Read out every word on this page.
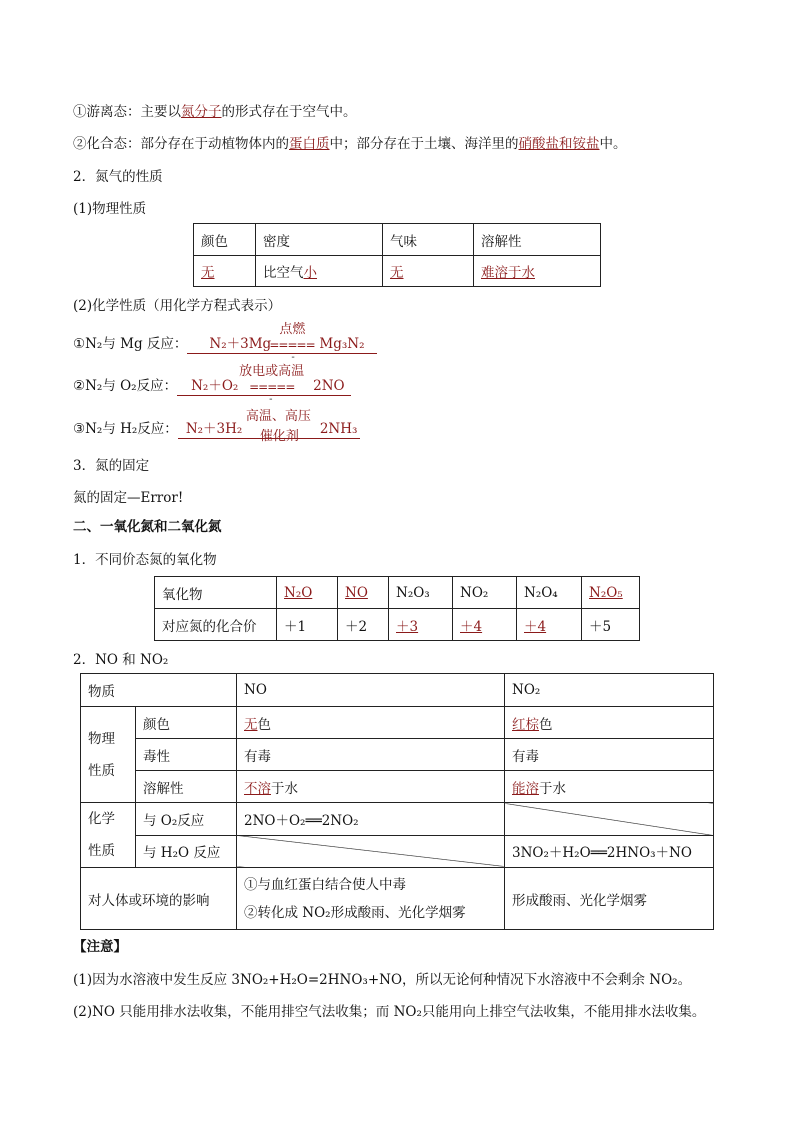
①游离态：主要以氮分子的形式存在于空气中。
②化合态：部分存在于动植物体内的蛋白质中；部分存在于土壤、海洋里的硝酸盐和铵盐中。
2．氮气的性质
(1)物理性质
颜色	密度	气味	溶解性
无	比空气小	无	难溶于水
(2)化学性质（用化学方程式表示）
①N₂与 Mg 反应： N₂＋3Mg
点燃
===== Mg₃N₂
-
②N₂与 O₂反应： N₂＋O₂
放电或高温
===== 2NO
-
③N₂与 H₂反应： N₂＋3H₂
高温、高压
催化剂 2NH₃
3．氮的固定
氮的固定—Error!
二、一氧化氮和二氧化氮
1．不同价态氮的氧化物
氧化物	N₂O	NO	N₂O₃	NO₂	N₂O₄	N₂O₅
对应氮的化合价	＋1	＋2	＋3	＋4	＋4	＋5
2．NO 和 NO₂
物质		NO	NO₂

物理
性质	颜色	无色	红棕色
	毒性	有毒	有毒
	溶解性	不溶于水	能溶于水

化学
性质	与 O₂反应	2NO＋O₂══2NO₂	
	与 H₂O 反应		3NO₂＋H₂O══2HNO₃＋NO
对人体或环境的影响		①与血红蛋白结合使人中毒
②转化成 NO₂形成酸雨、光化学烟雾	形成酸雨、光化学烟雾
【注意】
(1)因为水溶液中发生反应 3NO₂+H₂O=2HNO₃+NO，所以无论何种情况下水溶液中不会剩余 NO₂。
(2)NO 只能用排水法收集，不能用排空气法收集；而 NO₂只能用向上排空气法收集，不能用排水法收集。
